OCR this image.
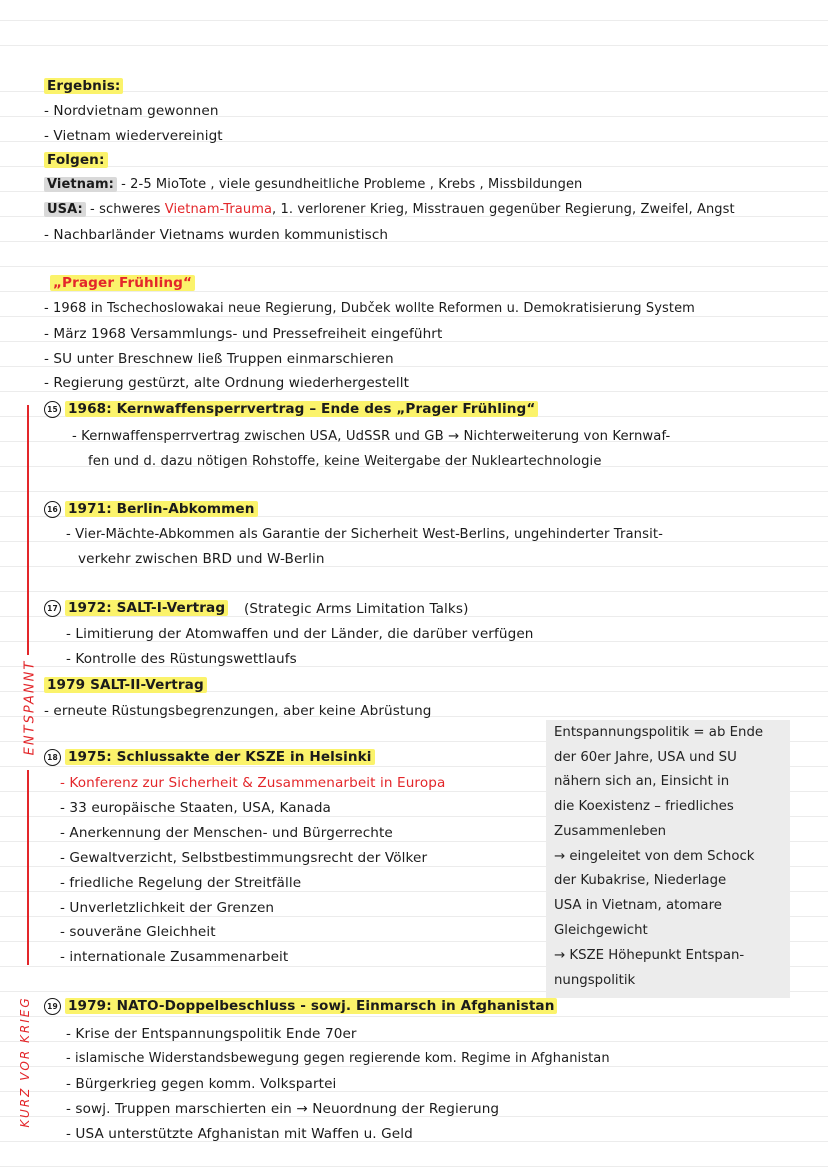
Ergebnis:
- Nordvietnam gewonnen
- Vietnam wiedervereinigt
Folgen:
Vietnam: - 2-5 MioTote , viele gesundheitliche Probleme , Krebs , Missbildungen
USA: - schweres Vietnam-Trauma, 1. verlorener Krieg, Misstrauen gegenüber Regierung, Zweifel, Angst
- Nachbarländer Vietnams wurden kommunistisch
„Prager Frühling“
- 1968 in Tschechoslowakai neue Regierung, Dubček wollte Reformen u. Demokratisierung System
- März 1968 Versammlungs- und Pressefreiheit eingeführt
- SU unter Breschnew ließ Truppen einmarschieren
- Regierung gestürzt, alte Ordnung wiederhergestellt
15 1968: Kernwaffensperrvertrag – Ende des „Prager Frühling“
- Kernwaffensperrvertrag zwischen USA, UdSSR und GB → Nichterweiterung von Kernwaf-
fen und d. dazu nötigen Rohstoffe, keine Weitergabe der Nukleartechnologie
16 1971: Berlin-Abkommen
- Vier-Mächte-Abkommen als Garantie der Sicherheit West-Berlins, ungehinderter Transit-
verkehr zwischen BRD und W-Berlin
17 1972: SALT-I-Vertrag (Strategic Arms Limitation Talks)
- Limitierung der Atomwaffen und der Länder, die darüber verfügen
- Kontrolle des Rüstungswettlaufs
1979 SALT-II-Vertrag
- erneute Rüstungsbegrenzungen, aber keine Abrüstung
18 1975: Schlussakte der KSZE in Helsinki
- Konferenz zur Sicherheit & Zusammenarbeit in Europa
- 33 europäische Staaten, USA, Kanada
- Anerkennung der Menschen- und Bürgerrechte
- Gewaltverzicht, Selbstbestimmungsrecht der Völker
- friedliche Regelung der Streitfälle
- Unverletzlichkeit der Grenzen
- souveräne Gleichheit
- internationale Zusammenarbeit
Entspannungspolitik = ab Ende
der 60er Jahre, USA und SU
nähern sich an, Einsicht in
die Koexistenz – friedliches
Zusammenleben
→ eingeleitet von dem Schock
der Kubakrise, Niederlage
USA in Vietnam, atomare
Gleichgewicht
→ KSZE Höhepunkt Entspan-
nungspolitik
19 1979: NATO-Doppelbeschluss - sowj. Einmarsch in Afghanistan
- Krise der Entspannungspolitik Ende 70er
- islamische Widerstandsbewegung gegen regierende kom. Regime in Afghanistan
- Bürgerkrieg gegen komm. Volkspartei
- sowj. Truppen marschierten ein → Neuordnung der Regierung
- USA unterstützte Afghanistan mit Waffen u. Geld
ENTSPANNT
KURZ VOR KRIEG
